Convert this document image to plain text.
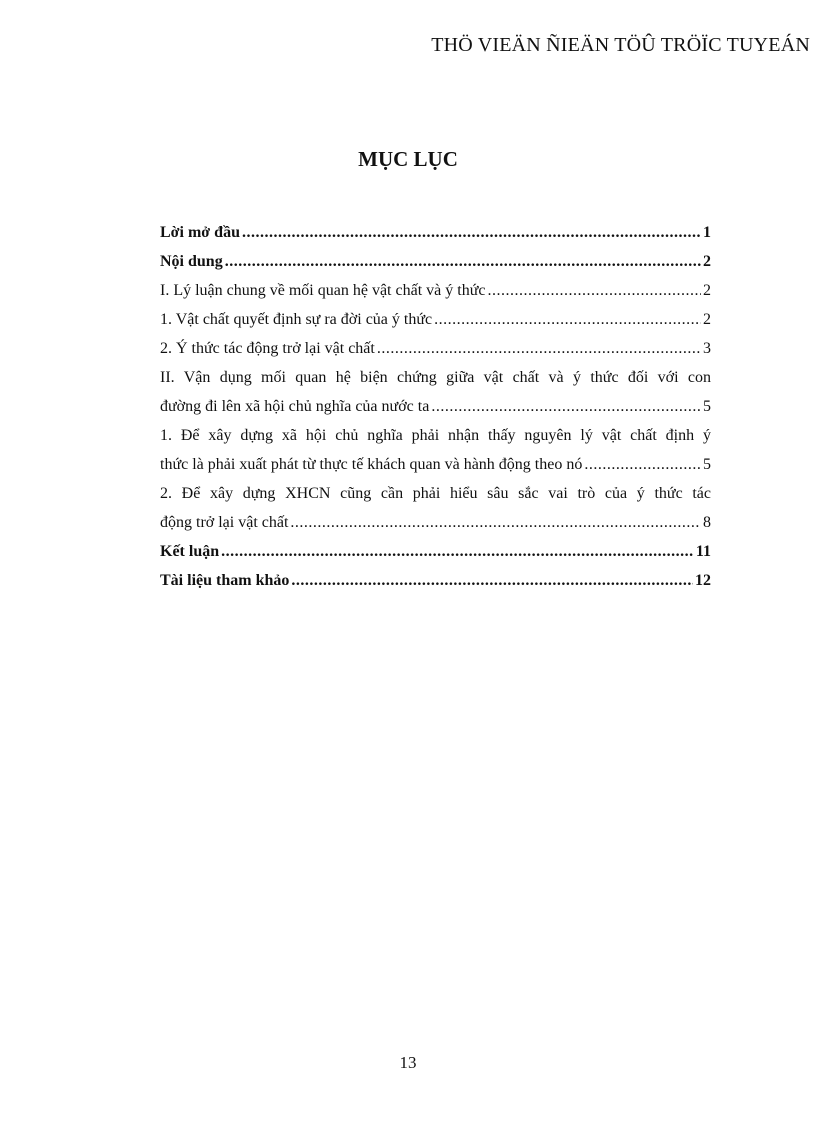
THÖ VIEÄN ÑIEÄN TÖÛ TRÖÏC TUYEÁN
MỤC LỤC
Lời mở đầu .....	1
Nội dung .....	2
I. Lý luận chung về mối quan hệ vật chất và ý thức .....	2
1. Vật chất quyết định sự ra đời của ý thức .....	2
2. Ý thức tác động trở lại vật chất .....	3
II. Vận dụng mối quan hệ biện chứng giữa vật chất và ý thức đối với con
đường đi lên xã hội chủ nghĩa của nước ta .....	5
1. Để xây dựng xã hội chủ nghĩa phải nhận thấy nguyên lý vật chất định ý
thức là phải xuất phát từ thực tế khách quan và hành động theo nó .....	5
2. Để xây dựng XHCN cũng cần phải hiểu sâu sắc vai trò của ý thức tác
động trở lại vật chất .....	8
Kết luận .....	11
Tài liệu tham khảo .....	12
13
